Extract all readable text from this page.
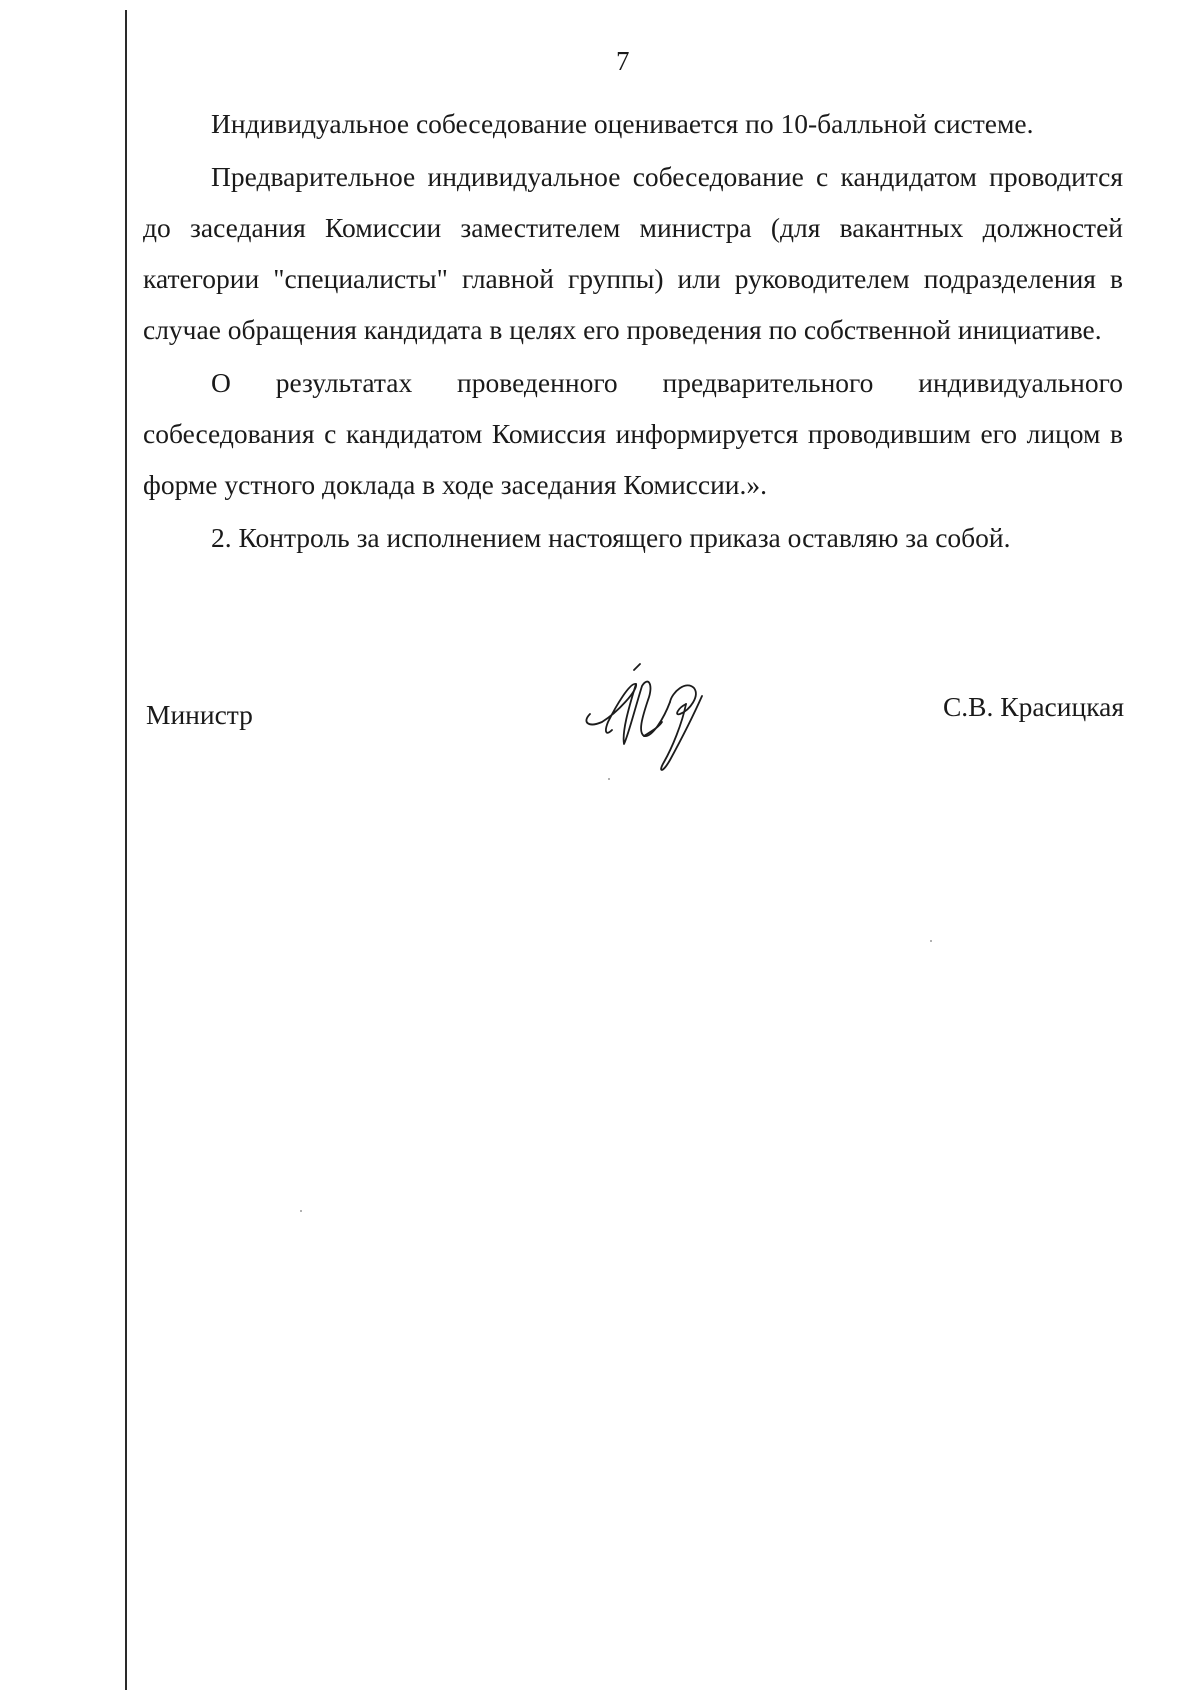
7

Индивидуальное собеседование оценивается по 10-балльной системе.

Предварительное индивидуальное собеседование с кандидатом проводится до заседания Комиссии заместителем министра (для вакантных должностей категории "специалисты" главной группы) или руководителем подразделения в случае обращения кандидата в целях его проведения по собственной инициативе.

О результатах проведенного предварительного индивидуального собеседования с кандидатом Комиссия информируется проводившим его лицом в форме устного доклада в ходе заседания Комиссии.».

2. Контроль за исполнением настоящего приказа оставляю за собой.

Министр	С.В. Красицкая
